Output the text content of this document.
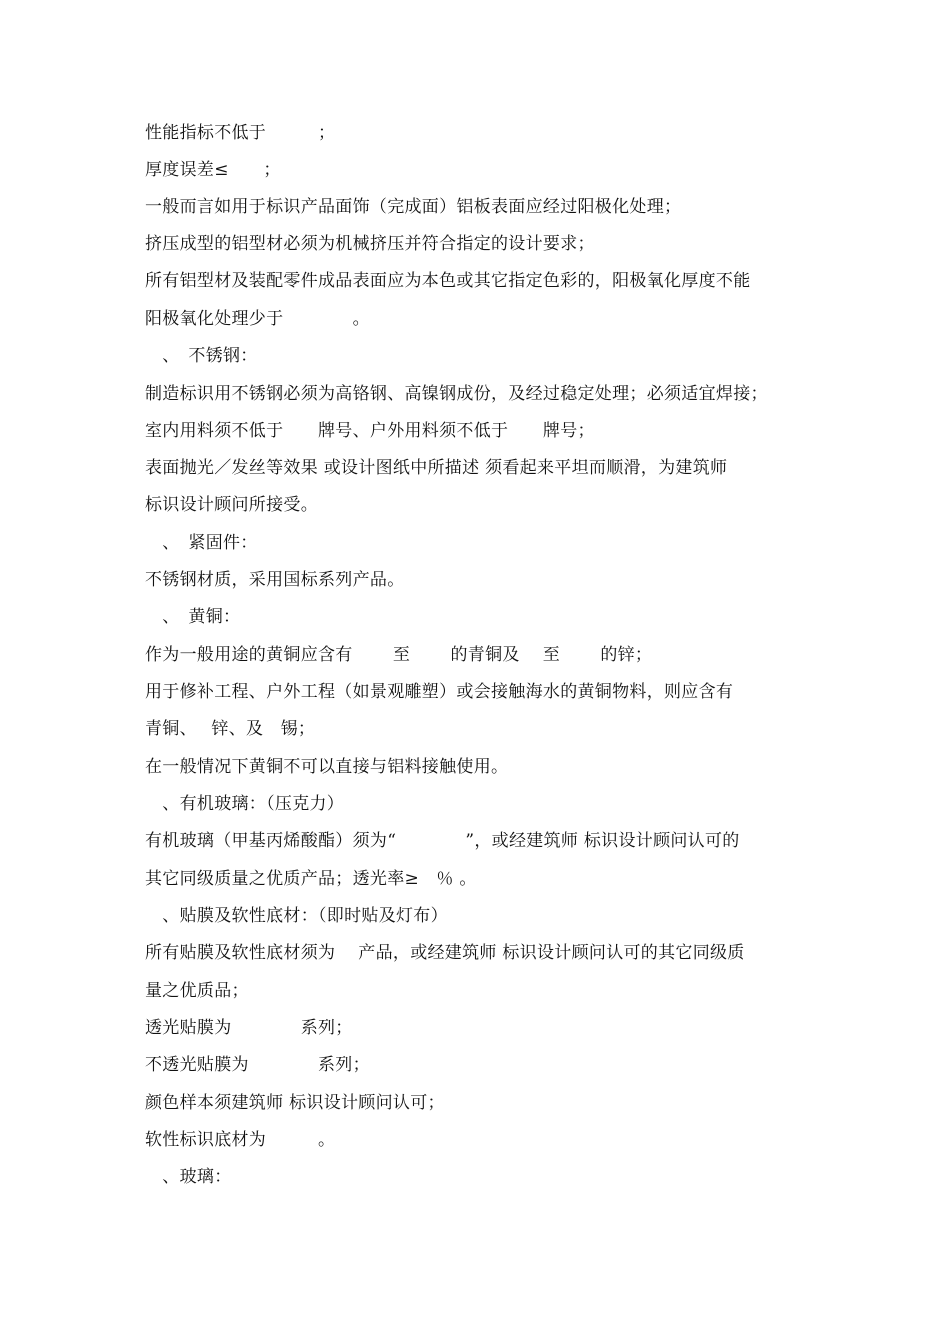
性能指标不低于　　　；
厚度误差≤　　；
一般而言如用于标识产品面饰（完成面）铝板表面应经过阳极化处理；
挤压成型的铝型材必须为机械挤压并符合指定的设计要求；
所有铝型材及装配零件成品表面应为本色或其它指定色彩的，阳极氧化厚度不能
阳极氧化处理少于　　　　。
　、　不锈钢：
制造标识用不锈钢必须为高铬钢、高镍钢成份，及经过稳定处理；必须适宜焊接；
室内用料须不低于　　牌号、户外用料须不低于　　牌号；
表面抛光／发丝等效果 或设计图纸中所描述 须看起来平坦而顺滑，为建筑师
标识设计顾问所接受。
　、　紧固件：
不锈钢材质，采用国标系列产品。
　、　黄铜：
作为一般用途的黄铜应含有　　 至　　 的青铜及　 至　　 的锌；
用于修补工程、户外工程（如景观雕塑）或会接触海水的黄铜物料，则应含有
青铜、　 锌、及　锡；
在一般情况下黄铜不可以直接与铝料接触使用。
　、有机玻璃：（压克力）
有机玻璃（甲基丙烯酸酯）须为“　　　　”，或经建筑师 标识设计顾问认可的
其它同级质量之优质产品；透光率≥　％ 。
　、贴膜及软性底材：（即时贴及灯布）
所有贴膜及软性底材须为　 产品，或经建筑师 标识设计顾问认可的其它同级质
量之优质品；
透光贴膜为　　　　系列；
不透光贴膜为　　　　系列；
颜色样本须建筑师 标识设计顾问认可；
软性标识底材为　　　。
　、玻璃：
